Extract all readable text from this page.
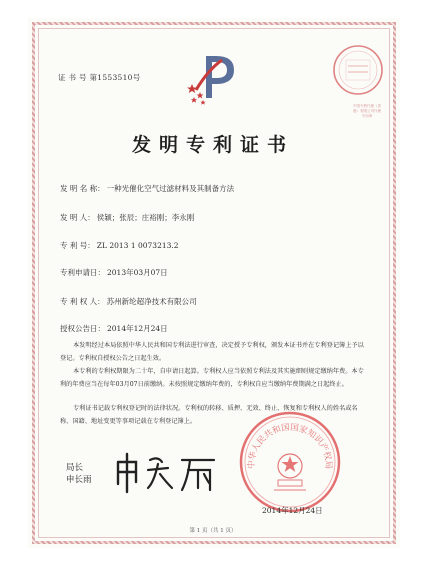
证 书 号 第1553510号
中国专利代理（香港）有限公司代理专用章
发明专利证书
发 明 名 称： 一种光催化空气过滤材料及其制备方法
发 明 人： 侯颖；张辰；庄裕刚；李永刚
专 利 号： ZL 2013 1 0073213.2
专利申请日： 2013年03月07日
专 利 权 人： 苏州新纶超净技术有限公司
授权公告日： 2014年12月24日
本发明经过本局依照中华人民共和国专利法进行审查，决定授予专利权，颁发本证书并在专利登记簿上予以登记。专利权自授权公告之日起生效。
本专利的专利权期限为二十年，自申请日起算。专利权人应当依照专利法及其实施细则规定缴纳年费。本专利的年费应当在每年03月07日前缴纳。未按照规定缴纳年费的，专利权自应当缴纳年费期满之日起终止。
专利证书记载专利权登记时的法律状况。专利权的转移、质押、无效、终止、恢复和专利权人的姓名或名称、国籍、地址变更等事项记载在专利登记簿上。
中华人民共和国国家知识产权局
局长
申长雨
2014年12月24日
第 1 页（共 1 页）
